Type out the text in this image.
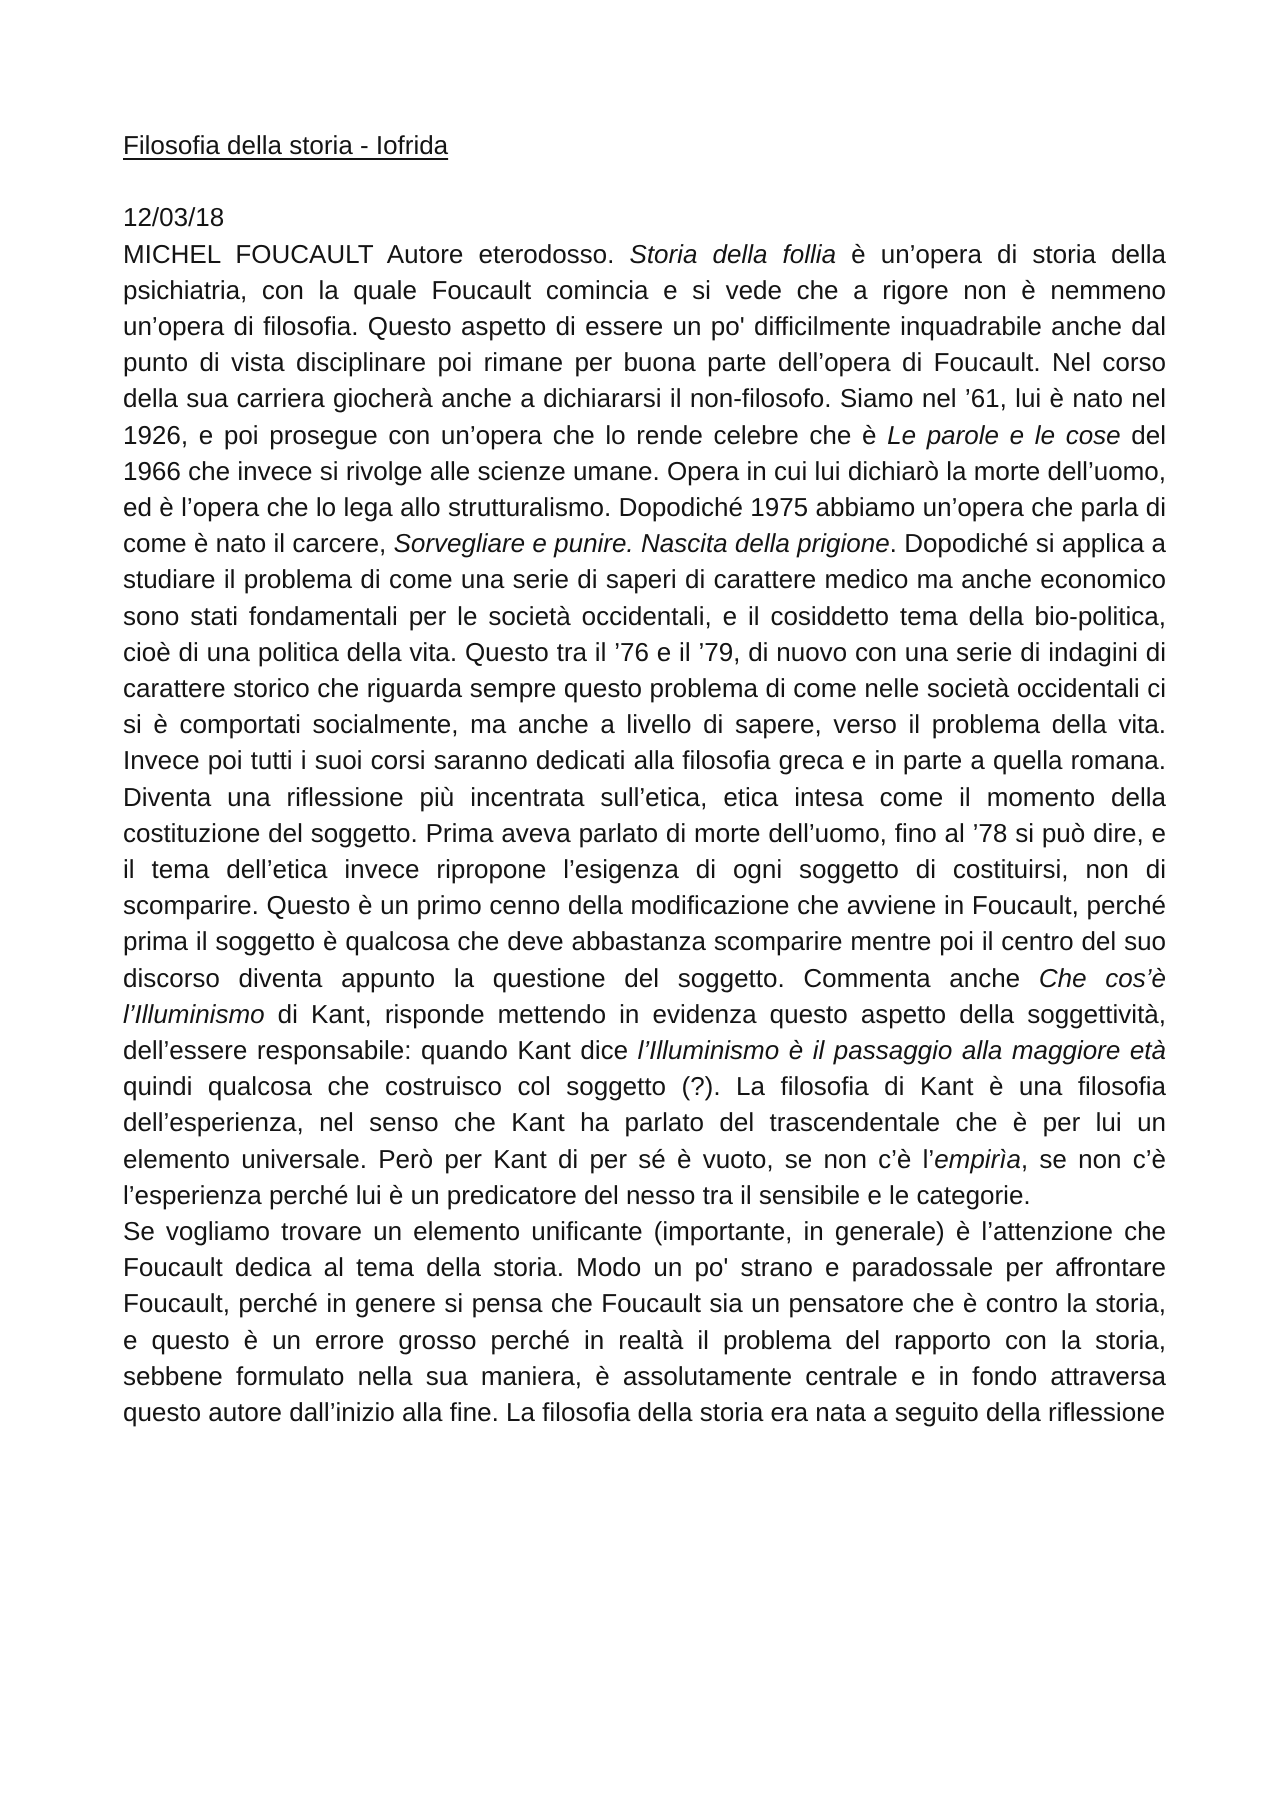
Filosofia della storia - Iofrida
12/03/18

MICHEL FOUCAULT Autore eterodosso. Storia della follia è un’opera di storia della psichiatria, con la quale Foucault comincia e si vede che a rigore non è nemmeno un’opera di filosofia. Questo aspetto di essere un po' difficilmente inquadrabile anche dal punto di vista disciplinare poi rimane per buona parte dell’opera di Foucault. Nel corso della sua carriera giocherà anche a dichiararsi il non-filosofo. Siamo nel ’61, lui è nato nel 1926, e poi prosegue con un’opera che lo rende celebre che è Le parole e le cose del 1966 che invece si rivolge alle scienze umane. Opera in cui lui dichiarò la morte dell’uomo, ed è l’opera che lo lega allo strutturalismo. Dopodiché 1975 abbiamo un’opera che parla di come è nato il carcere, Sorvegliare e punire. Nascita della prigione. Dopodiché si applica a studiare il problema di come una serie di saperi di carattere medico ma anche economico sono stati fondamentali per le società occidentali, e il cosiddetto tema della bio-politica, cioè di una politica della vita. Questo tra il ’76 e il ’79, di nuovo con una serie di indagini di carattere storico che riguarda sempre questo problema di come nelle società occidentali ci si è comportati socialmente, ma anche a livello di sapere, verso il problema della vita. Invece poi tutti i suoi corsi saranno dedicati alla filosofia greca e in parte a quella romana. Diventa una riflessione più incentrata sull’etica, etica intesa come il momento della costituzione del soggetto. Prima aveva parlato di morte dell’uomo, fino al ’78 si può dire, e il tema dell’etica invece ripropone l’esigenza di ogni soggetto di costituirsi, non di scomparire. Questo è un primo cenno della modificazione che avviene in Foucault, perché prima il soggetto è qualcosa che deve abbastanza scomparire mentre poi il centro del suo discorso diventa appunto la questione del soggetto. Commenta anche Che cos’è l’Illuminismo di Kant, risponde mettendo in evidenza questo aspetto della soggettività, dell’essere responsabile: quando Kant dice l’Illuminismo è il passaggio alla maggiore età quindi qualcosa che costruisco col soggetto (?). La filosofia di Kant è una filosofia dell’esperienza, nel senso che Kant ha parlato del trascendentale che è per lui un elemento universale. Però per Kant di per sé è vuoto, se non c’è l’empirìa, se non c’è l’esperienza perché lui è un predicatore del nesso tra il sensibile e le categorie.

Se vogliamo trovare un elemento unificante (importante, in generale) è l’attenzione che Foucault dedica al tema della storia. Modo un po' strano e paradossale per affrontare Foucault, perché in genere si pensa che Foucault sia un pensatore che è contro la storia, e questo è un errore grosso perché in realtà il problema del rapporto con la storia, sebbene formulato nella sua maniera, è assolutamente centrale e in fondo attraversa questo autore dall’inizio alla fine. La filosofia della storia era nata a seguito della riflessione
